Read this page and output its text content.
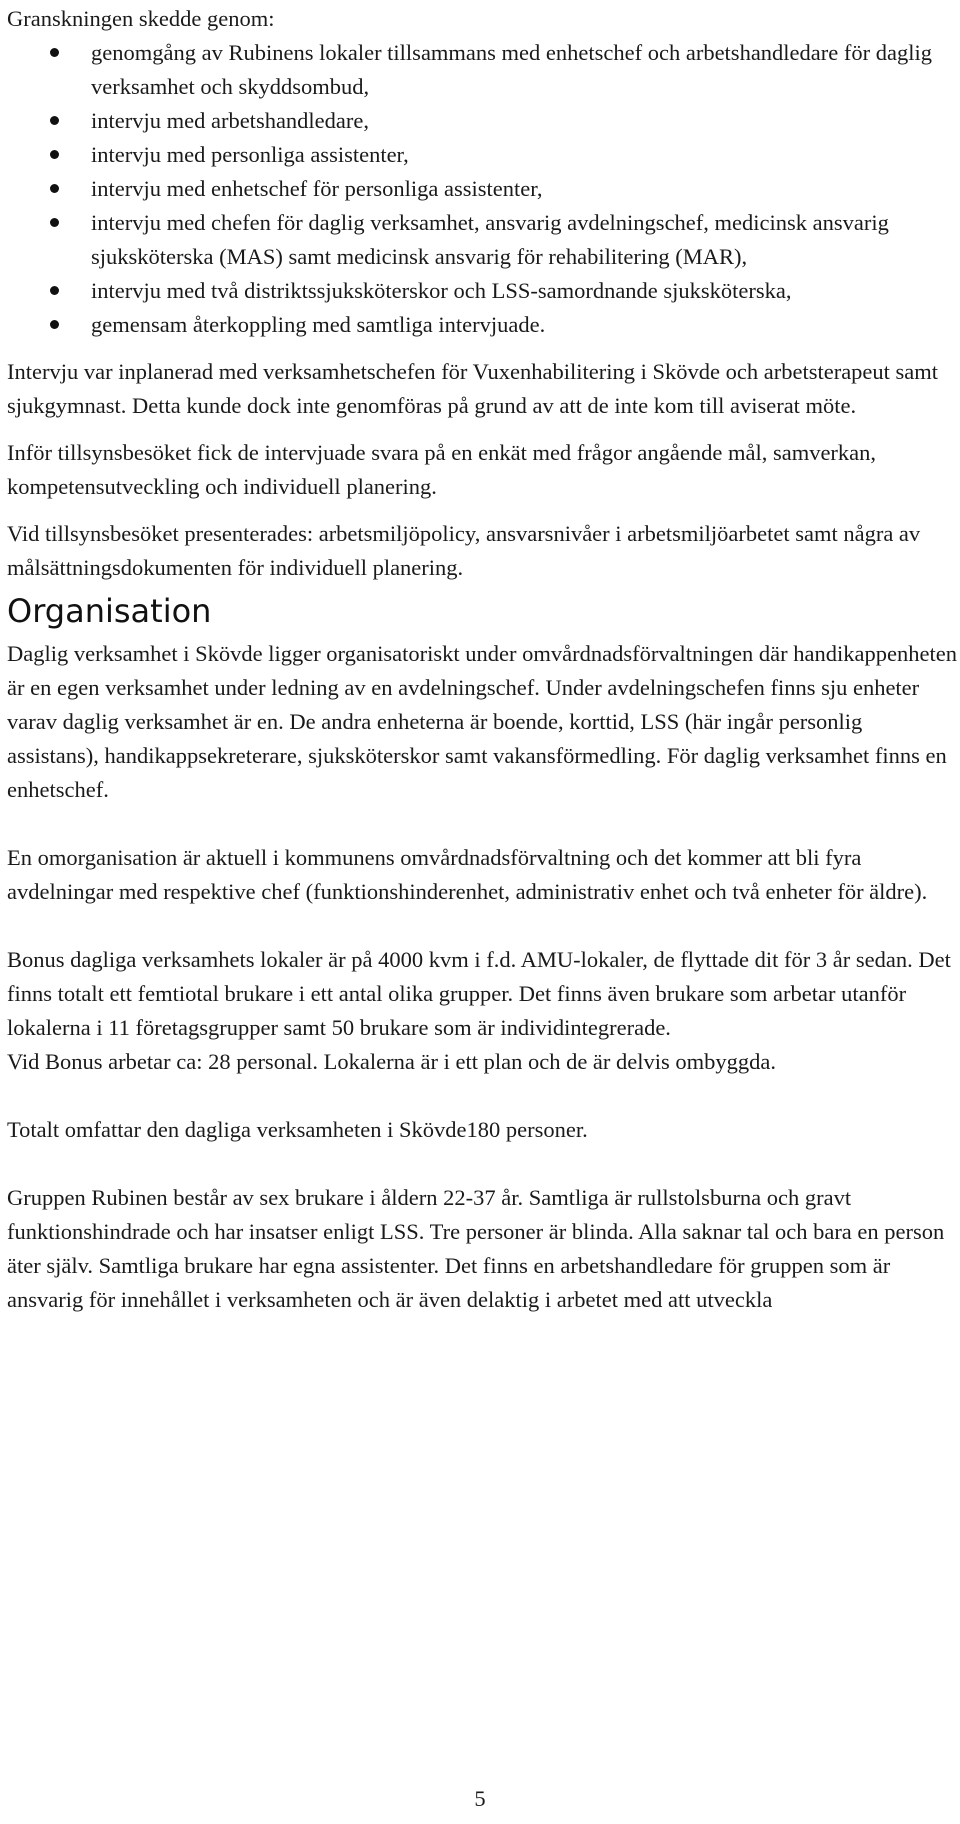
Granskningen skedde genom:

genomgång av Rubinens lokaler tillsammans med enhetschef och arbetshandledare för daglig verksamhet och skyddsombud,
intervju med arbetshandledare,
intervju med personliga assistenter,
intervju med enhetschef för personliga assistenter,
intervju med chefen för daglig verksamhet, ansvarig avdelningschef, medicinsk ansvarig sjuksköterska (MAS) samt medicinsk ansvarig för rehabilitering (MAR),
intervju med två distriktssjuksköterskor och LSS-samordnande sjuksköterska,
gemensam återkoppling med samtliga intervjuade.

Intervju var inplanerad med verksamhetschefen för Vuxenhabilitering i Skövde och arbetsterapeut samt sjukgymnast. Detta kunde dock inte genomföras på grund av att de inte kom till aviserat möte.

Inför tillsynsbesöket fick de intervjuade svara på en enkät med frågor angående mål, samverkan, kompetensutveckling och individuell planering.

Vid tillsynsbesöket presenterades: arbetsmiljöpolicy, ansvarsnivåer i arbetsmiljöarbetet samt några av målsättningsdokumenten för individuell planering.

Organisation

Daglig verksamhet i Skövde ligger organisatoriskt under omvårdnadsförvaltningen där handikappenheten är en egen verksamhet under ledning av en avdelningschef. Under avdelningschefen finns sju enheter varav daglig verksamhet är en. De andra enheterna är boende, korttid, LSS (här ingår personlig assistans), handikappsekreterare, sjuksköterskor samt vakansförmedling. För daglig verksamhet finns en enhetschef.

En omorganisation är aktuell i kommunens omvårdnadsförvaltning och det kommer att bli fyra avdelningar med respektive chef (funktionshinderenhet, administrativ enhet och två enheter för äldre).

Bonus dagliga verksamhets lokaler är på 4000 kvm i f.d. AMU-lokaler, de flyttade dit för 3 år sedan. Det finns totalt ett femtiotal brukare i ett antal olika grupper. Det finns även brukare som arbetar utanför lokalerna i 11 företagsgrupper samt 50 brukare som är individintegrerade.

Vid Bonus arbetar ca: 28 personal. Lokalerna är i ett plan och de är delvis ombyggda.

Totalt omfattar den dagliga verksamheten i Skövde180 personer.

Gruppen Rubinen består av sex brukare i åldern 22-37 år. Samtliga är rullstolsburna och gravt funktionshindrade och har insatser enligt LSS. Tre personer är blinda. Alla saknar tal och bara en person äter själv. Samtliga brukare har egna assistenter. Det finns en arbetshandledare för gruppen som är ansvarig för innehållet i verksamheten och är även delaktig i arbetet med att utveckla

5
